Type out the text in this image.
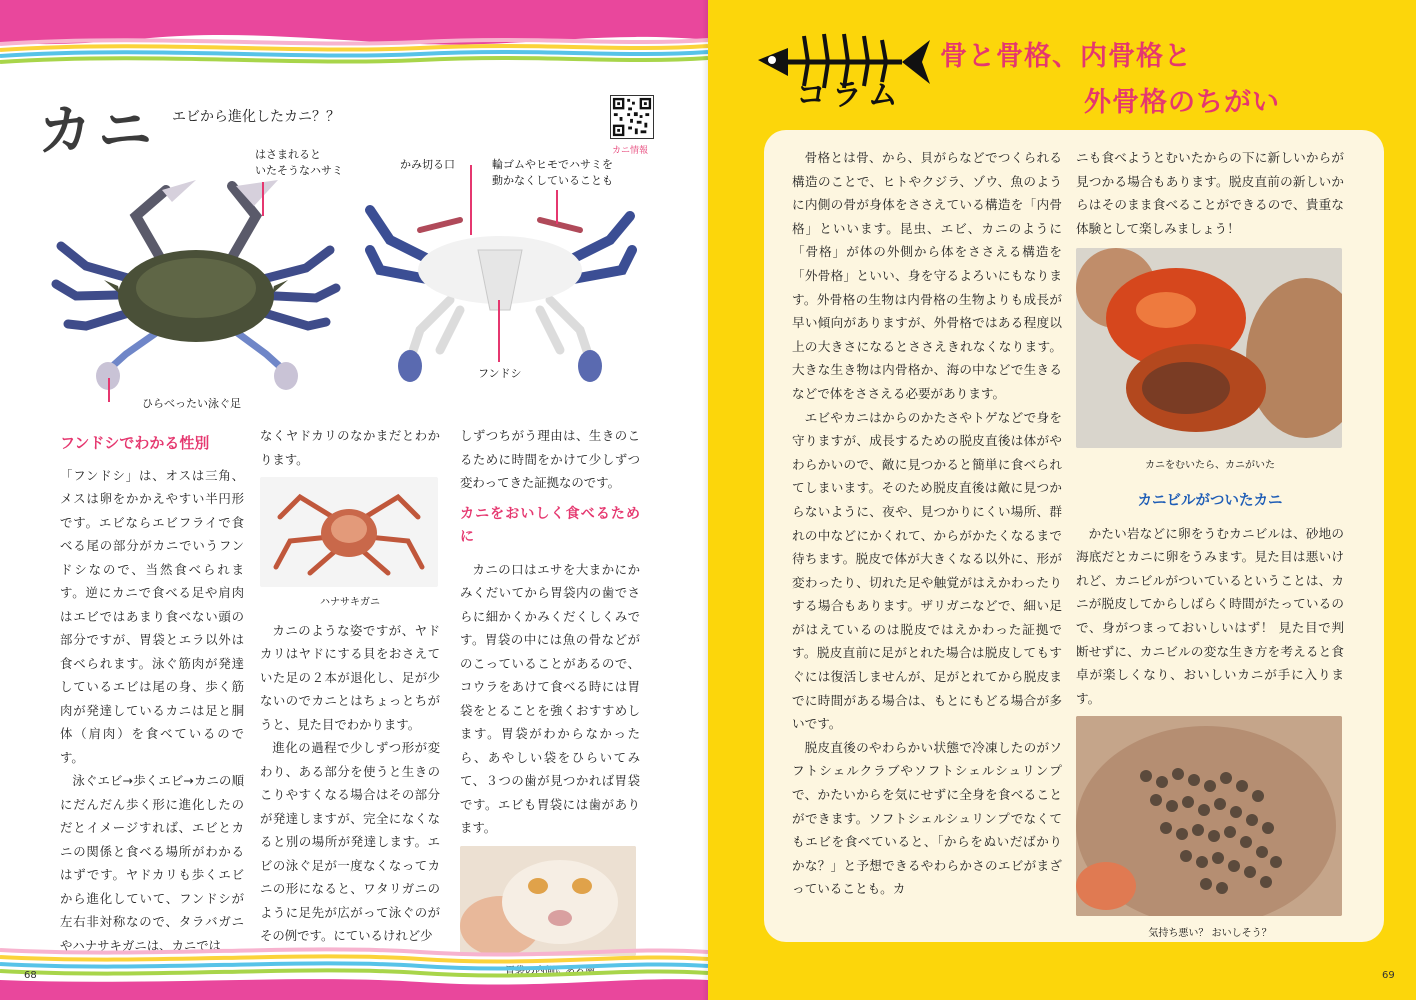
カニ エビから進化したカニ？？
カニ情報
はさまれると
いたそうなハサミ	かみ切る口	輪ゴムやヒモでハサミを
動かなくしていることも
フンドシ
ひらべったい泳ぐ足
フンドシでわかる性別

「フンドシ」は、オスは三角、メスは卵をかかえやすい半円形です。エビならエビフライで食べる尾の部分がカニでいうフンドシなので、当然食べられます。逆にカニで食べる足や肩肉はエビではあまり食べない頭の部分ですが、胃袋とエラ以外は食べられます。泳ぐ筋肉が発達しているエビは尾の身、歩く筋肉が発達しているカニは足と胴体（肩肉）を食べているのです。

泳ぐエビ→歩くエビ→カニの順にだんだん歩く形に進化したのだとイメージすれば、エビとカニの関係と食べる場所がわかるはずです。ヤドカリも歩くエビから進化していて、フンドシが左右非対称なので、タラバガニやハナサキガニは、カニでは

なくヤドカリのなかまだとわかります。

ハナサキガニ

カニのような姿ですが、ヤドカリはヤドにする貝をおさえていた足の２本が退化し、足が少ないのでカニとはちょっとちがうと、見た目でわかります。

進化の過程で少しずつ形が変わり、ある部分を使うと生きのこりやすくなる場合はその部分が発達しますが、完全になくなると別の場所が発達します。エビの泳ぐ足が一度なくなってカニの形になると、ワタリガニのように足先が広がって泳ぐのがその例です。にているけれど少

しずつちがう理由は、生きのこるために時間をかけて少しずつ変わってきた証拠なのです。

カニをおいしく食べるために

カニの口はエサを大まかにかみくだいてから胃袋内の歯でさらに細かくかみくだくしくみです。胃袋の中には魚の骨などがのこっていることがあるので、コウラをあけて食べる時には胃袋をとることを強くおすすめします。胃袋がわからなかったら、あやしい袋をひらいてみて、３つの歯が見つかれば胃袋です。エビも胃袋には歯があります。

胃袋の内側にある歯
68
コラム
骨と骨格、内骨格と
外骨格のちがい

骨格とは骨、から、貝がらなどでつくられる構造のことで、ヒトやクジラ、ゾウ、魚のように内側の骨が身体をささえている構造を「内骨格」といいます。昆虫、エビ、カニのように「骨格」が体の外側から体をささえる構造を「外骨格」といい、身を守るよろいにもなります。外骨格の生物は内骨格の生物よりも成長が早い傾向がありますが、外骨格ではある程度以上の大きさになるとささえきれなくなります。大きな生き物は内骨格か、海の中などで生きるなどで体をささえる必要があります。

エビやカニはからのかたさやトゲなどで身を守りますが、成長するための脱皮直後は体がやわらかいので、敵に見つかると簡単に食べられてしまいます。そのため脱皮直後は敵に見つからないように、夜や、見つかりにくい場所、群れの中などにかくれて、からがかたくなるまで待ちます。脱皮で体が大きくなる以外に、形が変わったり、切れた足や触覚がはえかわったりする場合もあります。ザリガニなどで、細い足がはえているのは脱皮ではえかわった証拠です。脱皮直前に足がとれた場合は脱皮してもすぐには復活しませんが、足がとれてから脱皮までに時間がある場合は、もとにもどる場合が多いです。

脱皮直後のやわらかい状態で冷凍したのがソフトシェルクラブやソフトシェルシュリンプで、かたいからを気にせずに全身を食べることができます。ソフトシェルシュリンプでなくてもエビを食べていると、「からをぬいだばかりかな？」と予想できるやわらかさのエビがまざっていることも。カ

ニも食べようとむいたからの下に新しいからが見つかる場合もあります。脱皮直前の新しいからはそのまま食べることができるので、貴重な体験として楽しみましょう！

カニをむいたら、カニがいた
カニビルがついたカニ

かたい岩などに卵をうむカニビルは、砂地の海底だとカニに卵をうみます。見た目は悪いけれど、カニビルがついているということは、カニが脱皮してからしばらく時間がたっているので、身がつまっておいしいはず！ 見た目で判断せずに、カニビルの変な生き方を考えると食卓が楽しくなり、おいしいカニが手に入ります。

気持ち悪い？ おいしそう？
69
